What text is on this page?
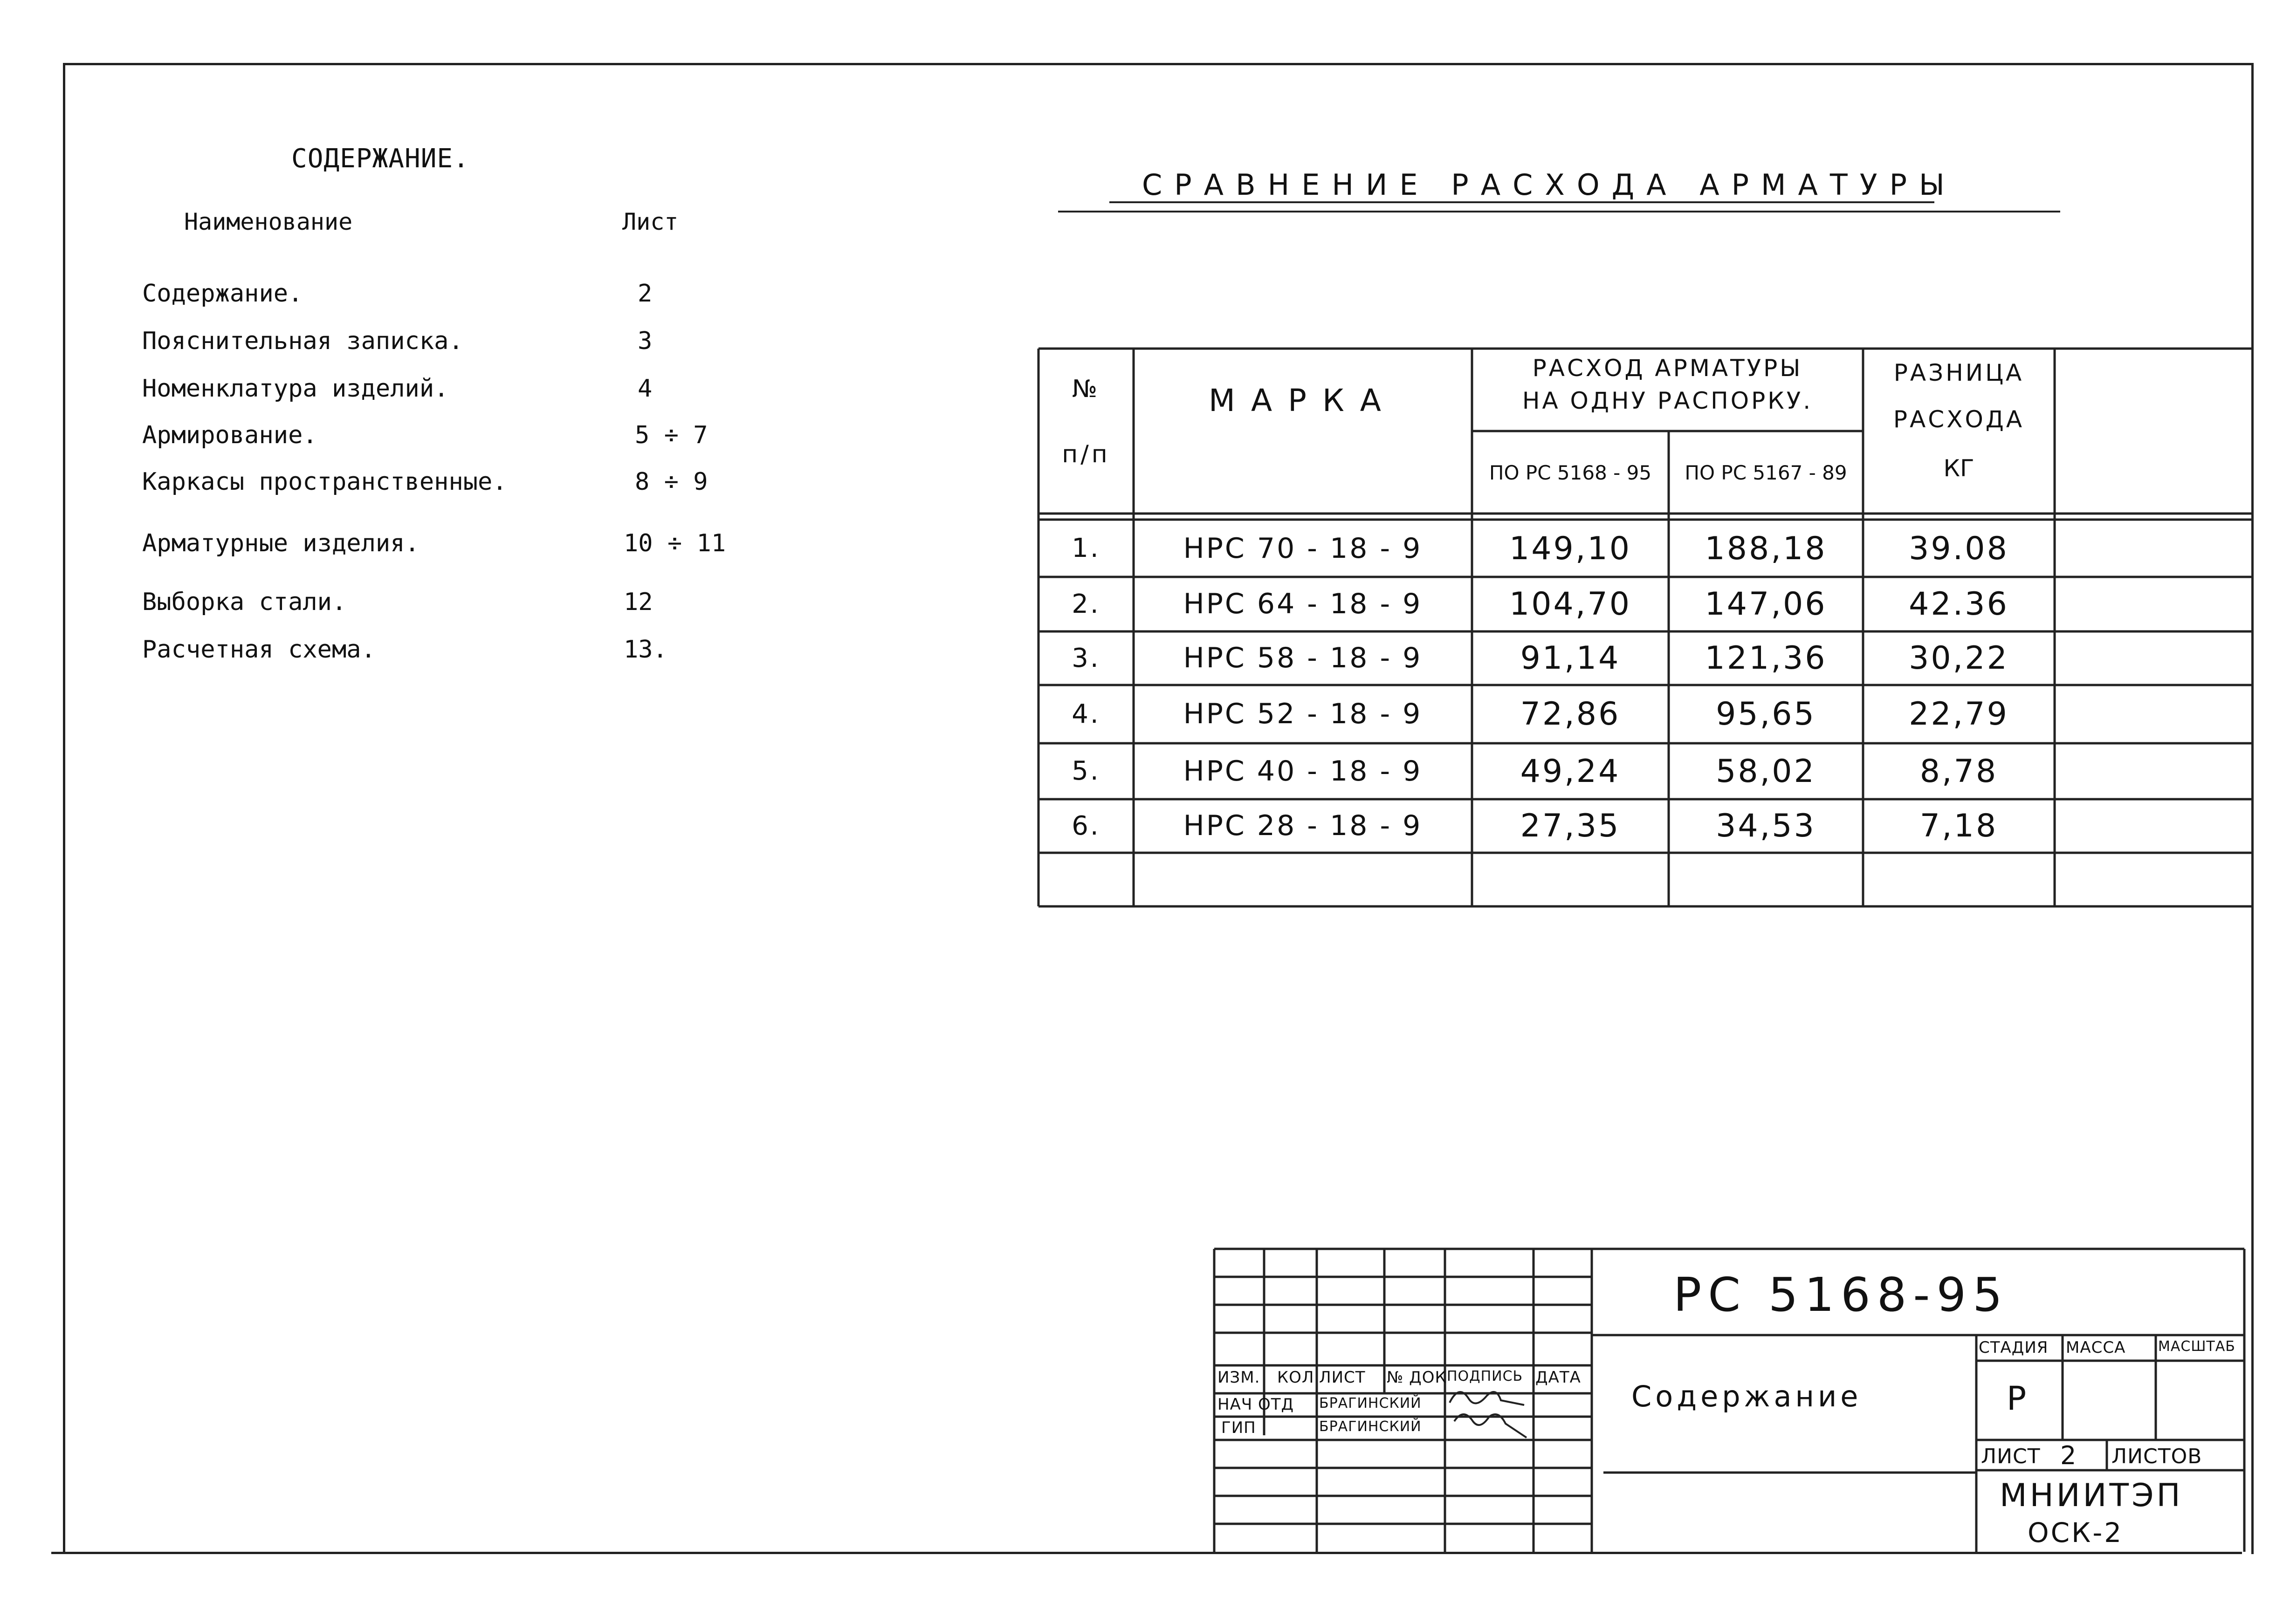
СОДЕРЖАНИЕ.
Наименование	Лист
Содержание.	2
Пояснительная записка.	3
Номенклатура изделий.	4
Армирование.	5 ÷ 7
Каркасы пространственные.	8 ÷ 9
Арматурные изделия.	10 ÷ 11
Выборка стали.	12
Расчетная схема.	13.
СРАВНЕНИЕ РАСХОДА АРМАТУРЫ
№
п/п
МАРКА
РАСХОД АРМАТУРЫ
НА ОДНУ РАСПОРКУ.
ПО РС 5168 - 95	ПО РС 5167 - 89
РАЗНИЦА
РАСХОДА
КГ
1.	НРС 70 - 18 - 9	149,10	188,18	39.08
2.	НРС 64 - 18 - 9	104,70	147,06	42.36
3.	НРС 58 - 18 - 9	91,14	121,36	30,22
4.	НРС 52 - 18 - 9	72,86	95,65	22,79
5.	НРС 40 - 18 - 9	49,24	58,02	8,78
6.	НРС 28 - 18 - 9	27,35	34,53	7,18
РС 5168-95
Содержание
ИЗМ. КОЛ ЛИСТ № ДОК ПОДПИСЬ ДАТА
НАЧ ОТД БРАГИНСКИЙ
ГИП	БРАГИНСКИЙ
СТАДИЯ МАССА МАСШТАБ
Р
ЛИСТ 2 ЛИСТОВ
МНИИТЭП
ОСК-2
